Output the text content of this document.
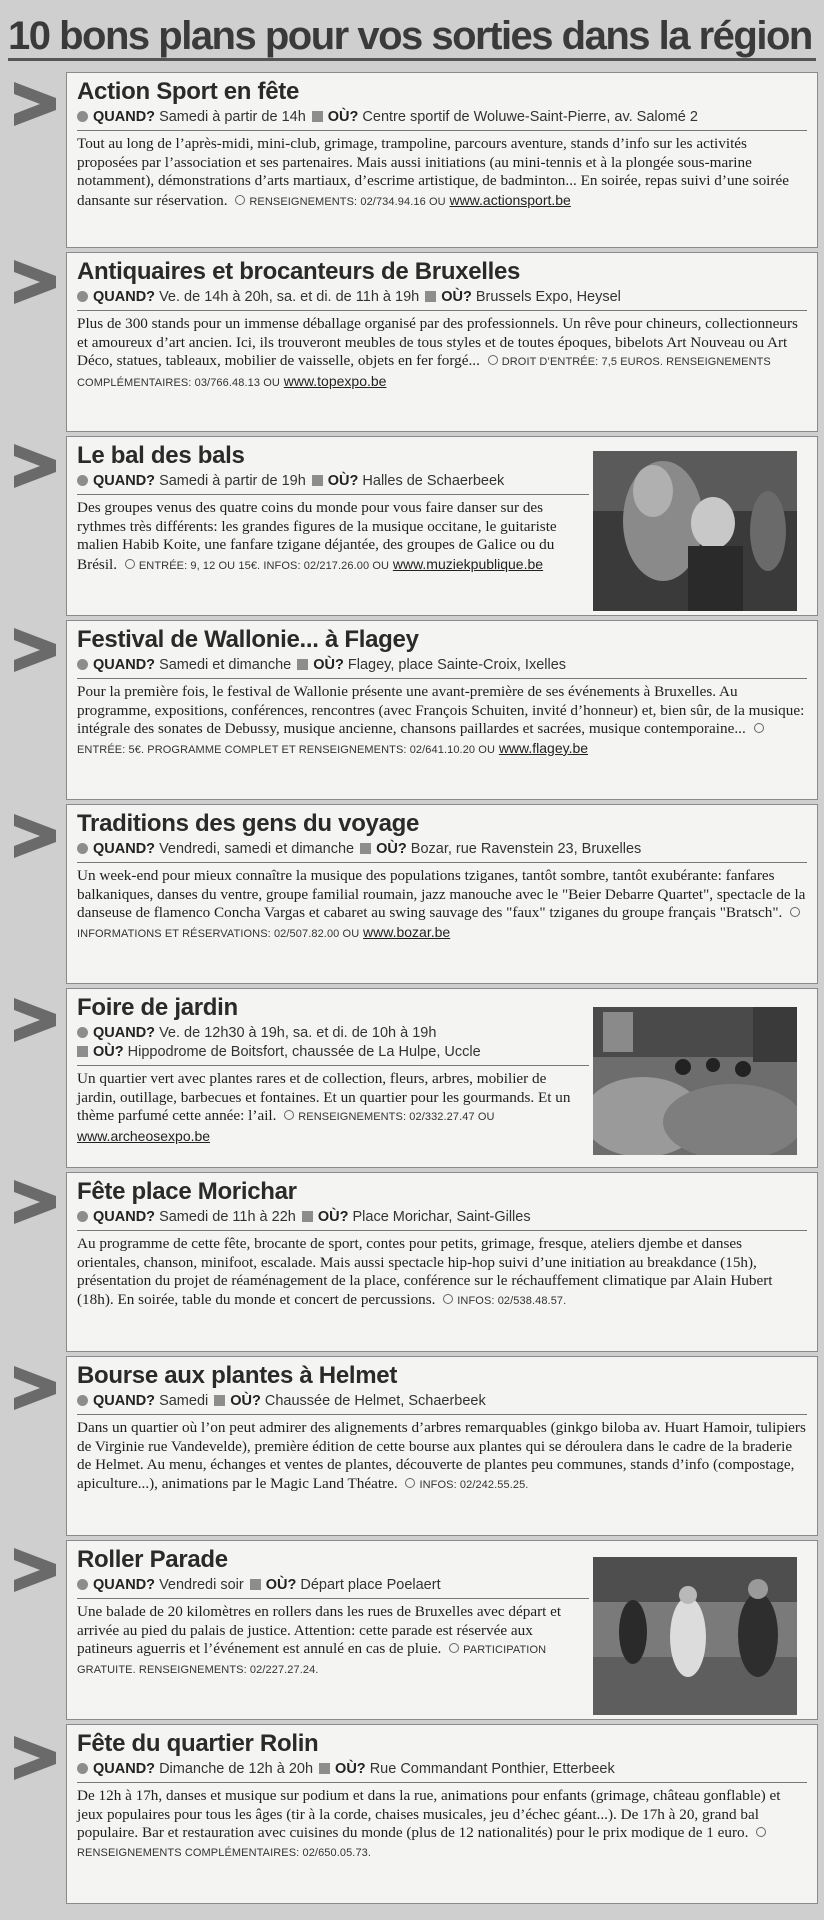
10 bons plans pour vos sorties dans la région
Action Sport en fête
QUAND? Samedi à partir de 14h OÙ? Centre sportif de Woluwe-Saint-Pierre, av. Salomé 2
Tout au long de l’après-midi, mini-club, grimage, trampoline, parcours aventure, stands d’info sur les activités proposées par l’association et ses partenaires. Mais aussi initiations (au mini-tennis et à la plongée sous-marine notamment), démonstrations d’arts martiaux, d’escrime artistique, de badminton... En soirée, repas suivi d’une soirée dansante sur réservation. RENSEIGNEMENTS: 02/734.94.16 OU www.actionsport.be
Antiquaires et brocanteurs de Bruxelles
QUAND? Ve. de 14h à 20h, sa. et di. de 11h à 19h OÙ? Brussels Expo, Heysel
Plus de 300 stands pour un immense déballage organisé par des professionnels. Un rêve pour chineurs, collectionneurs et amoureux d’art ancien. Ici, ils trouveront meubles de tous styles et de toutes époques, bibelots Art Nouveau ou Art Déco, statues, tableaux, mobilier de vaisselle, objets en fer forgé... DROIT D’ENTRÉE: 7,5 EUROS. RENSEIGNEMENTS COMPLÉMENTAIRES: 03/766.48.13 OU www.topexpo.be
Le bal des bals
QUAND? Samedi à partir de 19h OÙ? Halles de Schaerbeek
Des groupes venus des quatre coins du monde pour vous faire danser sur des rythmes très différents: les grandes figures de la musique occitane, le guitariste malien Habib Koite, une fanfare tzigane déjantée, des groupes de Galice ou du Brésil. ENTRÉE: 9, 12 OU 15€. INFOS: 02/217.26.00 OU www.muziekpublique.be
Festival de Wallonie... à Flagey
QUAND? Samedi et dimanche OÙ? Flagey, place Sainte-Croix, Ixelles
Pour la première fois, le festival de Wallonie présente une avant-première de ses événements à Bruxelles. Au programme, expositions, conférences, rencontres (avec François Schuiten, invité d’honneur) et, bien sûr, de la musique: intégrale des sonates de Debussy, musique ancienne, chansons paillardes et sacrées, musique contemporaine... ENTRÉE: 5€. PROGRAMME COMPLET ET RENSEIGNEMENTS: 02/641.10.20 OU www.flagey.be
Traditions des gens du voyage
QUAND? Vendredi, samedi et dimanche OÙ? Bozar, rue Ravenstein 23, Bruxelles
Un week-end pour mieux connaître la musique des populations tziganes, tantôt sombre, tantôt exubérante: fanfares balkaniques, danses du ventre, groupe familial roumain, jazz manouche avec le "Beier Debarre Quartet", spectacle de la danseuse de flamenco Concha Vargas et cabaret au swing sauvage des "faux" tziganes du groupe français "Bratsch". INFORMATIONS ET RÉSERVATIONS: 02/507.82.00 OU www.bozar.be
Foire de jardin
QUAND? Ve. de 12h30 à 19h, sa. et di. de 10h à 19h
OÙ? Hippodrome de Boitsfort, chaussée de La Hulpe, Uccle
Un quartier vert avec plantes rares et de collection, fleurs, arbres, mobilier de jardin, outillage, barbecues et fontaines. Et un quartier pour les gourmands. Et un thème parfumé cette année: l’ail. RENSEIGNEMENTS: 02/332.27.47 OU www.archeosexpo.be
Fête place Morichar
QUAND? Samedi de 11h à 22h OÙ? Place Morichar, Saint-Gilles
Au programme de cette fête, brocante de sport, contes pour petits, grimage, fresque, ateliers djembe et danses orientales, chanson, minifoot, escalade. Mais aussi spectacle hip-hop suivi d’une initiation au breakdance (15h), présentation du projet de réaménagement de la place, conférence sur le réchauffement climatique par Alain Hubert (18h). En soirée, table du monde et concert de percussions. INFOS: 02/538.48.57.
Bourse aux plantes à Helmet
QUAND? Samedi OÙ? Chaussée de Helmet, Schaerbeek
Dans un quartier où l’on peut admirer des alignements d’arbres remarquables (ginkgo biloba av. Huart Hamoir, tulipiers de Virginie rue Vandevelde), première édition de cette bourse aux plantes qui se déroulera dans le cadre de la braderie de Helmet. Au menu, échanges et ventes de plantes, découverte de plantes peu communes, stands d’info (compostage, apiculture...), animations par le Magic Land Théatre. INFOS: 02/242.55.25.
Roller Parade
QUAND? Vendredi soir OÙ? Départ place Poelaert
Une balade de 20 kilomètres en rollers dans les rues de Bruxelles avec départ et arrivée au pied du palais de justice. Attention: cette parade est réservée aux patineurs aguerris et l’événement est annulé en cas de pluie. PARTICIPATION GRATUITE. RENSEIGNEMENTS: 02/227.27.24.
Fête du quartier Rolin
QUAND? Dimanche de 12h à 20h OÙ? Rue Commandant Ponthier, Etterbeek
De 12h à 17h, danses et musique sur podium et dans la rue, animations pour enfants (grimage, château gonflable) et jeux populaires pour tous les âges (tir à la corde, chaises musicales, jeu d’échec géant...). De 17h à 20, grand bal populaire. Bar et restauration avec cuisines du monde (plus de 12 nationalités) pour le prix modique de 1 euro. RENSEIGNEMENTS COMPLÉMENTAIRES: 02/650.05.73.
